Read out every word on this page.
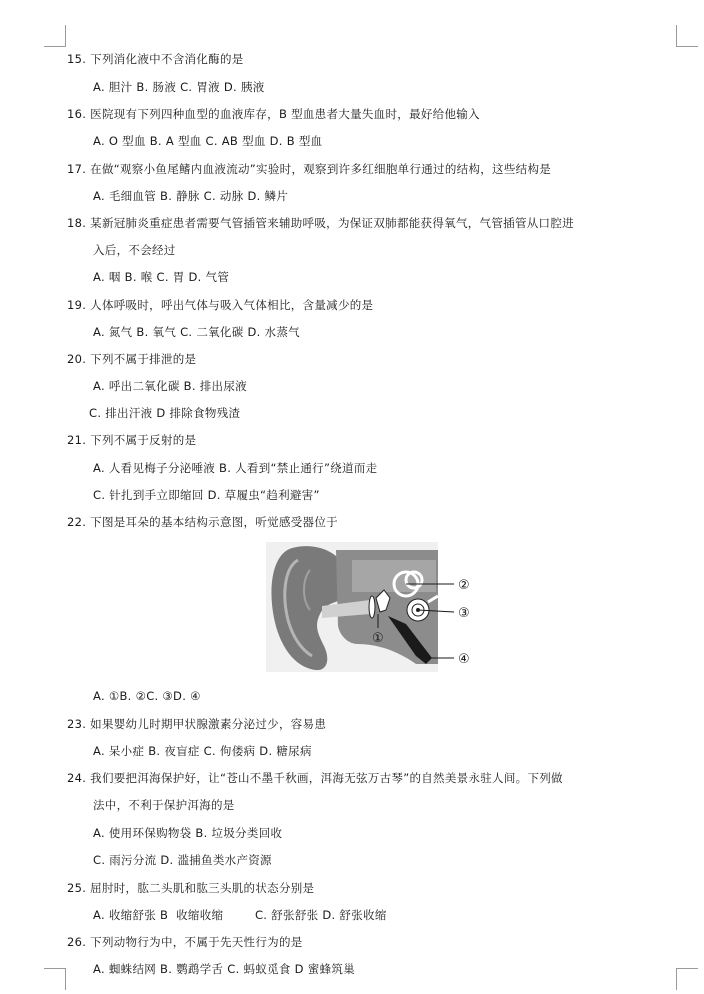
15. 下列消化液中不含消化酶的是
A. 胆汁 B. 肠液 C. 胃液 D. 胰液
16. 医院现有下列四种血型的血液库存，B 型血患者大量失血时，最好给他输入
A. O 型血 B. A 型血 C. AB 型血 D. B 型血
17. 在做“观察小鱼尾鳍内血液流动”实验时，观察到许多红细胞单行通过的结构，这些结构是
A. 毛细血管 B. 静脉 C. 动脉 D. 鳞片
18. 某新冠肺炎重症患者需要气管插管来辅助呼吸，为保证双肺都能获得氧气，气管插管从口腔进
入后，不会经过
A. 咽 B. 喉 C. 胃 D. 气管
19. 人体呼吸时，呼出气体与吸入气体相比，含量减少的是
A. 氮气 B. 氧气 C. 二氧化碳 D. 水蒸气
20. 下列不属于排泄的是
A. 呼出二氧化碳 B. 排出尿液
C. 排出汗液 D 排除食物残渣
21. 下列不属于反射的是
A. 人看见梅子分泌唾液 B. 人看到“禁止通行”绕道而走
C. 针扎到手立即缩回 D. 草履虫“趋利避害”
22. 下图是耳朵的基本结构示意图，听觉感受器位于
①
②
③
④
A. ①B. ②C. ③D. ④
23. 如果婴幼儿时期甲状腺激素分泌过少，容易患
A. 呆小症 B. 夜盲症 C. 佝偻病 D. 糖尿病
24. 我们要把洱海保护好，让“苍山不墨千秋画，洱海无弦万古琴”的自然美景永驻人间。下列做
法中，不利于保护洱海的是
A. 使用环保购物袋 B. 垃圾分类回收
C. 雨污分流 D. 滥捕鱼类水产资源
25. 屈肘时，肱二头肌和肱三头肌的状态分别是
A. 收缩舒张 B  收缩收缩        C. 舒张舒张 D. 舒张收缩
26. 下列动物行为中，不属于先天性行为的是
A. 蜘蛛结网 B. 鹦鹉学舌 C. 蚂蚁觅食 D 蜜蜂筑巢
